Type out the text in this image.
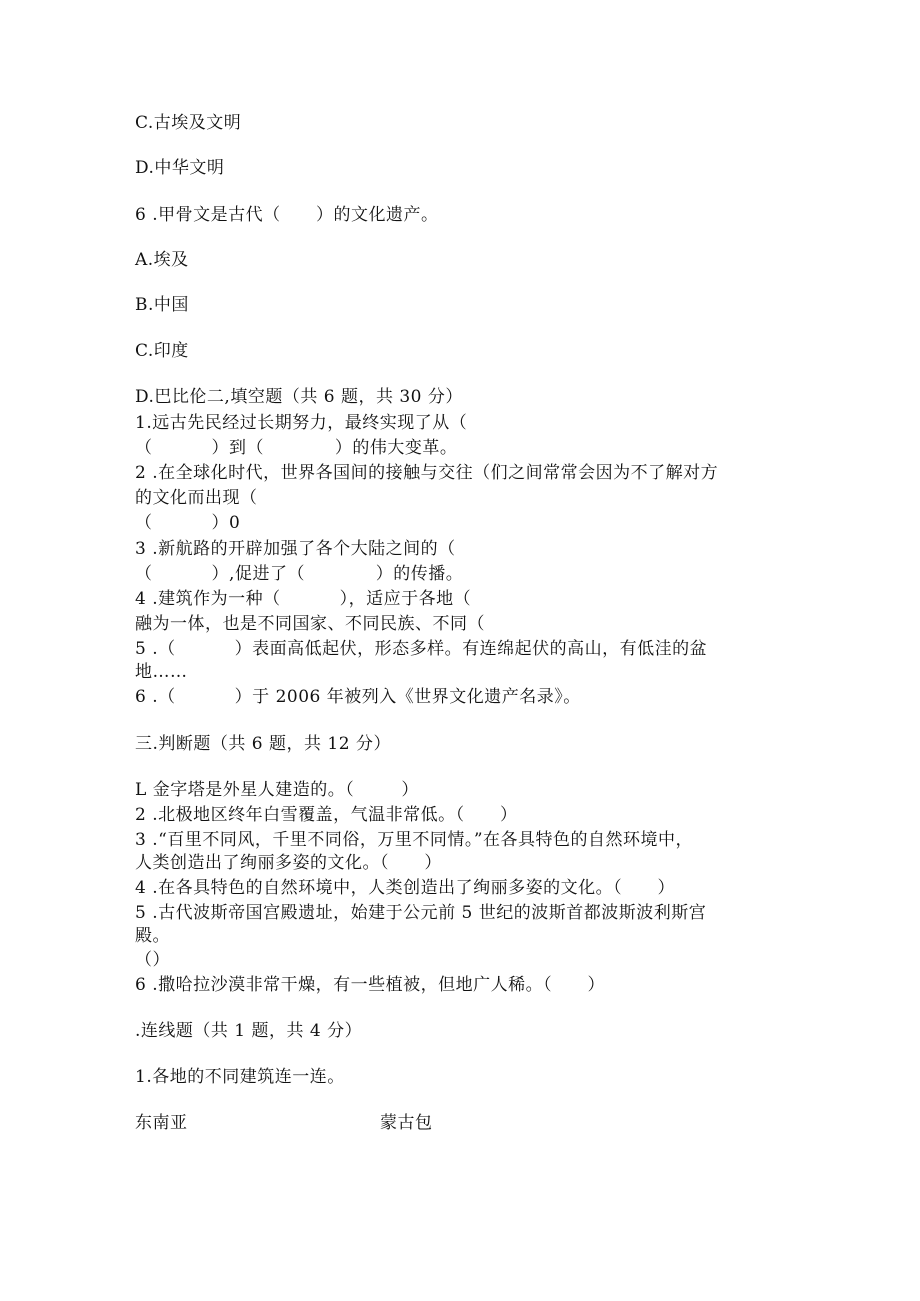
C.古埃及文明
D.中华文明
6 .甲骨文是古代（      ）的文化遗产。
A.埃及
B.中国
C.印度
D.巴比伦二,填空题（共 6 题，共 30 分）
1.远古先民经过长期努力，最终实现了从（
（          ）到（            ）的伟大变革。
2 .在全球化时代，世界各国间的接触与交往（们之间常常会因为不了解对方
的文化而出现（
（          ）0
3 .新航路的开辟加强了各个大陆之间的（
（          ）,促进了（            ）的传播。
4 .建筑作为一种（          ），适应于各地（
融为一体，也是不同国家、不同民族、不同（
5 .（          ）表面高低起伏，形态多样。有连绵起伏的高山，有低洼的盆
地……
6 .（          ）于 2006 年被列入《世界文化遗产名录》。
三.判断题（共 6 题，共 12 分）
L 金字塔是外星人建造的。（        ）
2 .北极地区终年白雪覆盖，气温非常低。（      ）
3 .“百里不同风，千里不同俗，万里不同情。”在各具特色的自然环境中，
人类创造出了绚丽多姿的文化。（      ）
4 .在各具特色的自然环境中，人类创造出了绚丽多姿的文化。（      ）
5 .古代波斯帝国宫殿遗址，始建于公元前 5 世纪的波斯首都波斯波利斯宫
殿。
（）
6 .撒哈拉沙漠非常干燥，有一些植被，但地广人稀。（      ）
.连线题（共 1 题，共 4 分）
1.各地的不同建筑连一连。
东南亚	蒙古包
